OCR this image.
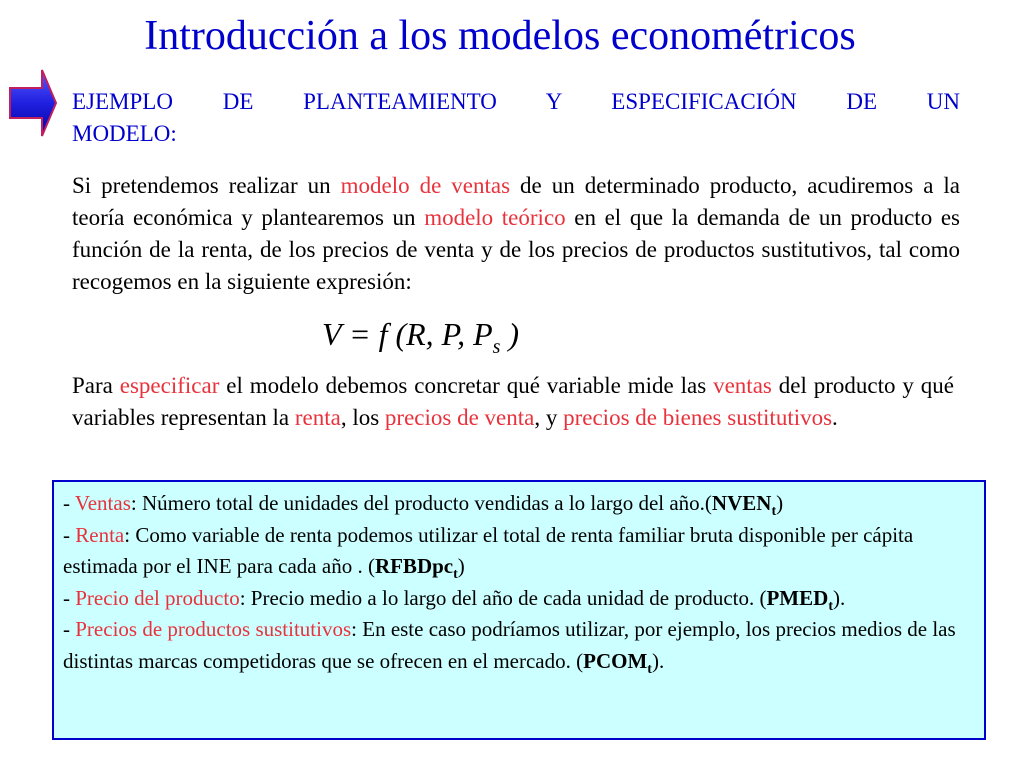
Introducción a los modelos econométricos
EJEMPLO DE PLANTEAMIENTO Y ESPECIFICACIÓN DE UN
MODELO:
Si pretendemos realizar un modelo de ventas de un determinado producto, acudiremos a la teoría económica y plantearemos un modelo teórico en el que la demanda de un producto es función de la renta, de los precios de venta y de los precios de productos sustitutivos, tal como recogemos en la siguiente expresión:
V = f (R, P, $P_s$ )
Para especificar el modelo debemos concretar qué variable mide las ventas del producto y qué variables representan la renta, los precios de venta, y precios de bienes sustitutivos.
- Ventas: Número total de unidades del producto vendidas a lo largo del $año.(NVEN_t)$
- Renta: Como variable de renta podemos utilizar el total de renta familiar bruta disponible per cápita estimada por el INE para cada año . (RFBDpc$_t$)
- Precio del producto: Precio medio a lo largo del año de cada unidad de producto. $(PMED_t)$.
- Precios de productos sustitutivos: En este caso podríamos utilizar, por ejemplo, los precios medios de las distintas marcas competidoras que se ofrecen en el mercado. $(PCOM_t)$.
